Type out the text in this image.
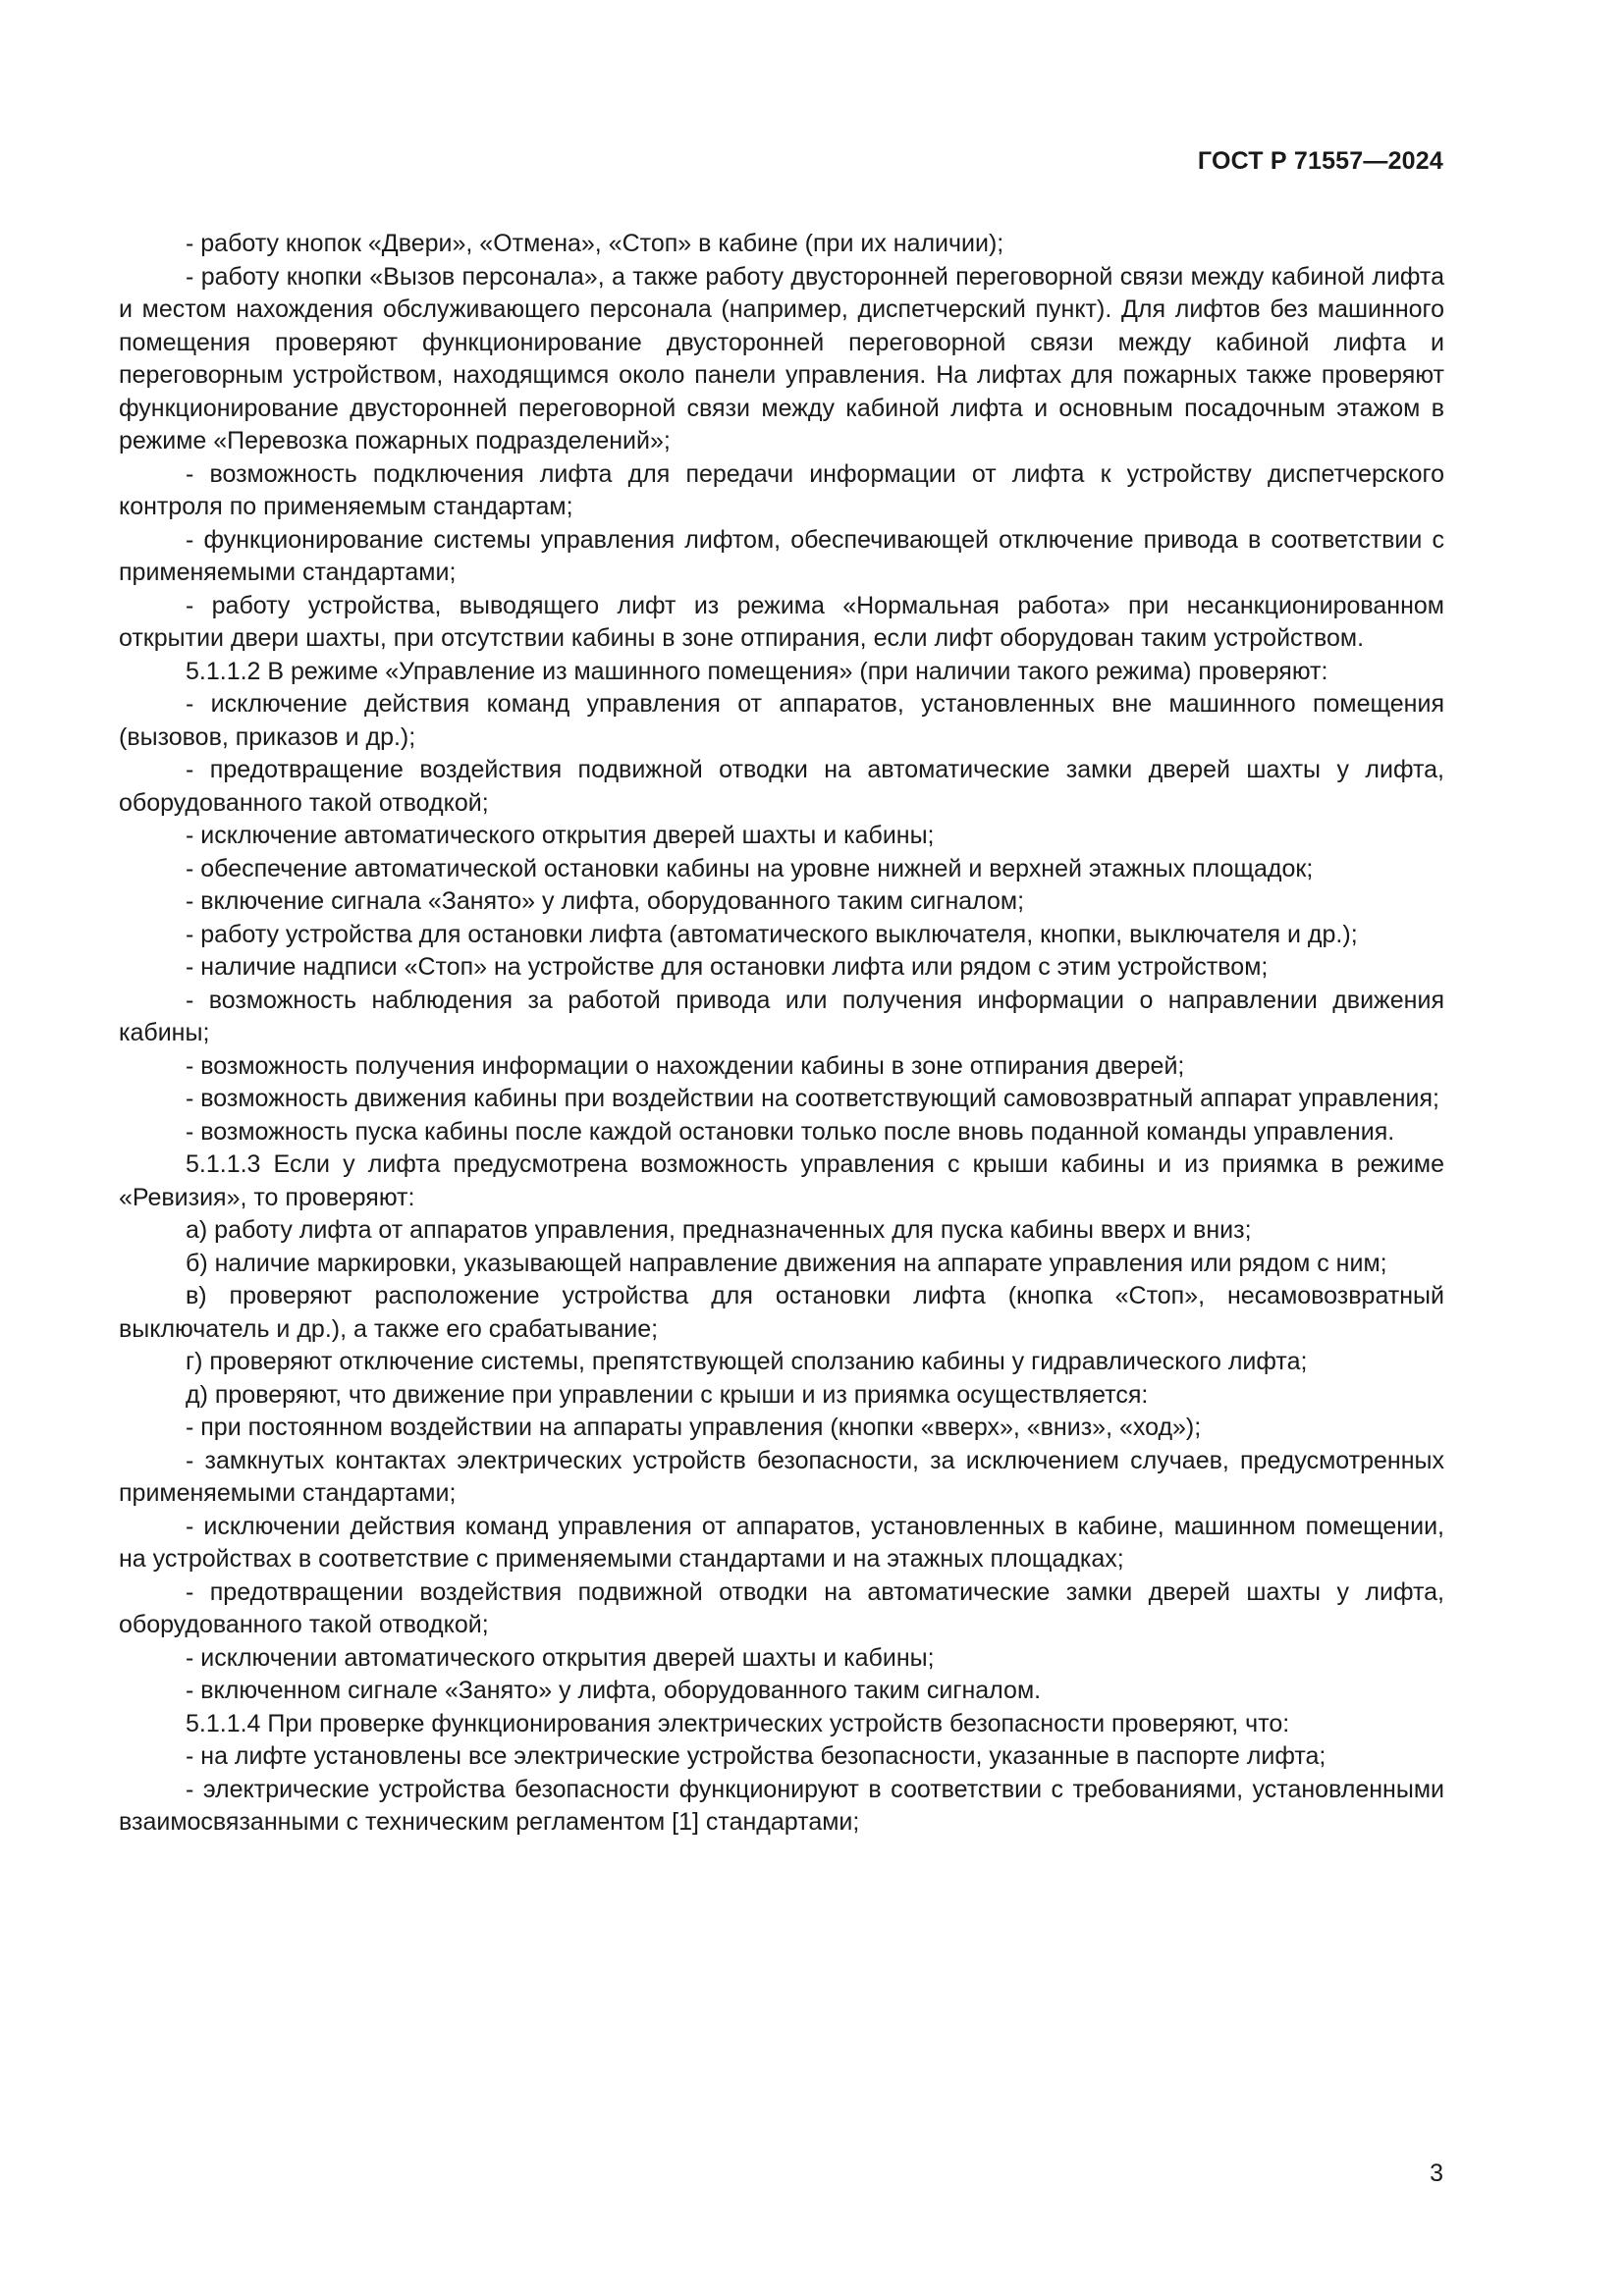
ГОСТ Р 71557—2024

- работу кнопок «Двери», «Отмена», «Стоп» в кабине (при их наличии);

- работу кнопки «Вызов персонала», а также работу двусторонней переговорной связи между кабиной лифта и местом нахождения обслуживающего персонала (например, диспетчерский пункт). Для лифтов без машинного помещения проверяют функционирование двусторонней переговорной связи между кабиной лифта и переговорным устройством, находящимся около панели управления. На лифтах для пожарных также проверяют функционирование двусторонней переговорной связи между кабиной лифта и основным посадочным этажом в режиме «Перевозка пожарных подразделений»;

- возможность подключения лифта для передачи информации от лифта к устройству диспетчерского контроля по применяемым стандартам;

- функционирование системы управления лифтом, обеспечивающей отключение привода в соответствии с применяемыми стандартами;

- работу устройства, выводящего лифт из режима «Нормальная работа» при несанкционированном открытии двери шахты, при отсутствии кабины в зоне отпирания, если лифт оборудован таким устройством.

5.1.1.2 В режиме «Управление из машинного помещения» (при наличии такого режима) проверяют:

- исключение действия команд управления от аппаратов, установленных вне машинного помещения (вызовов, приказов и др.);

- предотвращение воздействия подвижной отводки на автоматические замки дверей шахты у лифта, оборудованного такой отводкой;

- исключение автоматического открытия дверей шахты и кабины;

- обеспечение автоматической остановки кабины на уровне нижней и верхней этажных площадок;

- включение сигнала «Занято» у лифта, оборудованного таким сигналом;

- работу устройства для остановки лифта (автоматического выключателя, кнопки, выключателя и др.);

- наличие надписи «Стоп» на устройстве для остановки лифта или рядом с этим устройством;

- возможность наблюдения за работой привода или получения информации о направлении движения кабины;

- возможность получения информации о нахождении кабины в зоне отпирания дверей;

- возможность движения кабины при воздействии на соответствующий самовозвратный аппарат управления;

- возможность пуска кабины после каждой остановки только после вновь поданной команды управления.

5.1.1.3 Если у лифта предусмотрена возможность управления с крыши кабины и из приямка в режиме «Ревизия», то проверяют:

а) работу лифта от аппаратов управления, предназначенных для пуска кабины вверх и вниз;

б) наличие маркировки, указывающей направление движения на аппарате управления или рядом с ним;

в) проверяют расположение устройства для остановки лифта (кнопка «Стоп», несамовозвратный выключатель и др.), а также его срабатывание;

г) проверяют отключение системы, препятствующей сползанию кабины у гидравлического лифта;

д) проверяют, что движение при управлении с крыши и из приямка осуществляется:

- при постоянном воздействии на аппараты управления (кнопки «вверх», «вниз», «ход»);

- замкнутых контактах электрических устройств безопасности, за исключением случаев, предусмотренных применяемыми стандартами;

- исключении действия команд управления от аппаратов, установленных в кабине, машинном помещении, на устройствах в соответствие с применяемыми стандартами и на этажных площадках;

- предотвращении воздействия подвижной отводки на автоматические замки дверей шахты у лифта, оборудованного такой отводкой;

- исключении автоматического открытия дверей шахты и кабины;

- включенном сигнале «Занято» у лифта, оборудованного таким сигналом.

5.1.1.4 При проверке функционирования электрических устройств безопасности проверяют, что:

- на лифте установлены все электрические устройства безопасности, указанные в паспорте лифта;

- электрические устройства безопасности функционируют в соответствии с требованиями, установленными взаимосвязанными с техническим регламентом [1] стандартами;

3
